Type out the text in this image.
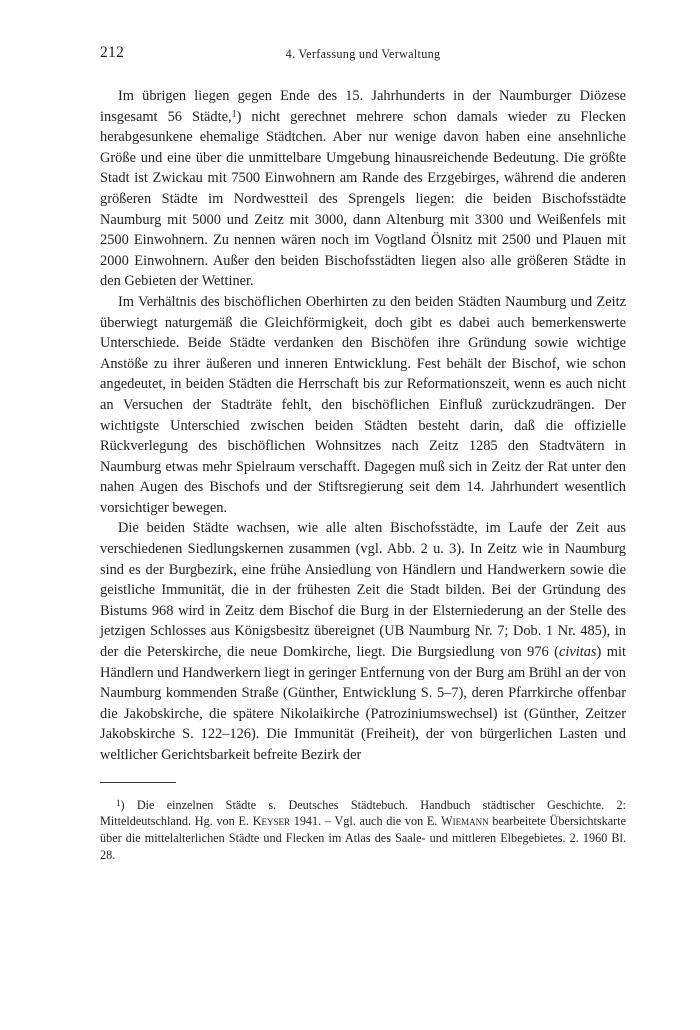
212	4. Verfassung und Verwaltung

Im übrigen liegen gegen Ende des 15. Jahrhunderts in der Naumburger Diözese insgesamt 56 Städte,$^1$) nicht gerechnet mehrere schon damals wieder zu Flecken herabgesunkene ehemalige Städtchen. Aber nur wenige davon haben eine ansehnliche Größe und eine über die unmittelbare Umgebung hinausreichende Bedeutung. Die größte Stadt ist Zwickau mit 7500 Einwohnern am Rande des Erzgebirges, während die anderen größeren Städte im Nordwestteil des Sprengels liegen: die beiden Bischofsstädte Naumburg mit 5000 und Zeitz mit 3000, dann Altenburg mit 3300 und Weißenfels mit 2500 Einwohnern. Zu nennen wären noch im Vogtland Ölsnitz mit 2500 und Plauen mit 2000 Einwohnern. Außer den beiden Bischofsstädten liegen also alle größeren Städte in den Gebieten der Wettiner.

Im Verhältnis des bischöflichen Oberhirten zu den beiden Städten Naumburg und Zeitz überwiegt naturgemäß die Gleichförmigkeit, doch gibt es dabei auch bemerkenswerte Unterschiede. Beide Städte verdanken den Bischöfen ihre Gründung sowie wichtige Anstöße zu ihrer äußeren und inneren Entwicklung. Fest behält der Bischof, wie schon angedeutet, in beiden Städten die Herrschaft bis zur Reformationszeit, wenn es auch nicht an Versuchen der Stadträte fehlt, den bischöflichen Einfluß zurückzudrängen. Der wichtigste Unterschied zwischen beiden Städten besteht darin, daß die offizielle Rückverlegung des bischöflichen Wohnsitzes nach Zeitz 1285 den Stadtvätern in Naumburg etwas mehr Spielraum verschafft. Dagegen muß sich in Zeitz der Rat unter den nahen Augen des Bischofs und der Stiftsregierung seit dem 14. Jahrhundert wesentlich vorsichtiger bewegen.

Die beiden Städte wachsen, wie alle alten Bischofsstädte, im Laufe der Zeit aus verschiedenen Siedlungskernen zusammen (vgl. Abb. 2 u. 3). In Zeitz wie in Naumburg sind es der Burgbezirk, eine frühe Ansiedlung von Händlern und Handwerkern sowie die geistliche Immunität, die in der frühesten Zeit die Stadt bilden. Bei der Gründung des Bistums 968 wird in Zeitz dem Bischof die Burg in der Elsterniederung an der Stelle des jetzigen Schlosses aus Königsbesitz übereignet (UB Naumburg Nr. 7; Dob. 1 Nr. 485), in der die Peterskirche, die neue Domkirche, liegt. Die Burgsiedlung von 976 (civitas) mit Händlern und Handwerkern liegt in geringer Entfernung von der Burg am Brühl an der von Naumburg kommenden Straße (Günther, Entwicklung S. 5–7), deren Pfarrkirche offenbar die Jakobskirche, die spätere Nikolaikirche (Patroziniumswechsel) ist (Günther, Zeitzer Jakobskirche S. 122–126). Die Immunität (Freiheit), der von bürgerlichen Lasten und weltlicher Gerichtsbarkeit befreite Bezirk der

$^1$) Die einzelnen Städte s. Deutsches Städtebuch. Handbuch städtischer Geschichte. 2: Mitteldeutschland. Hg. von E. Keyser 1941. – Vgl. auch die von E. Wiemann bearbeitete Übersichtskarte über die mittelalterlichen Städte und Flecken im Atlas des Saale- und mittleren Elbegebietes. 2. 1960 Bl. 28.
